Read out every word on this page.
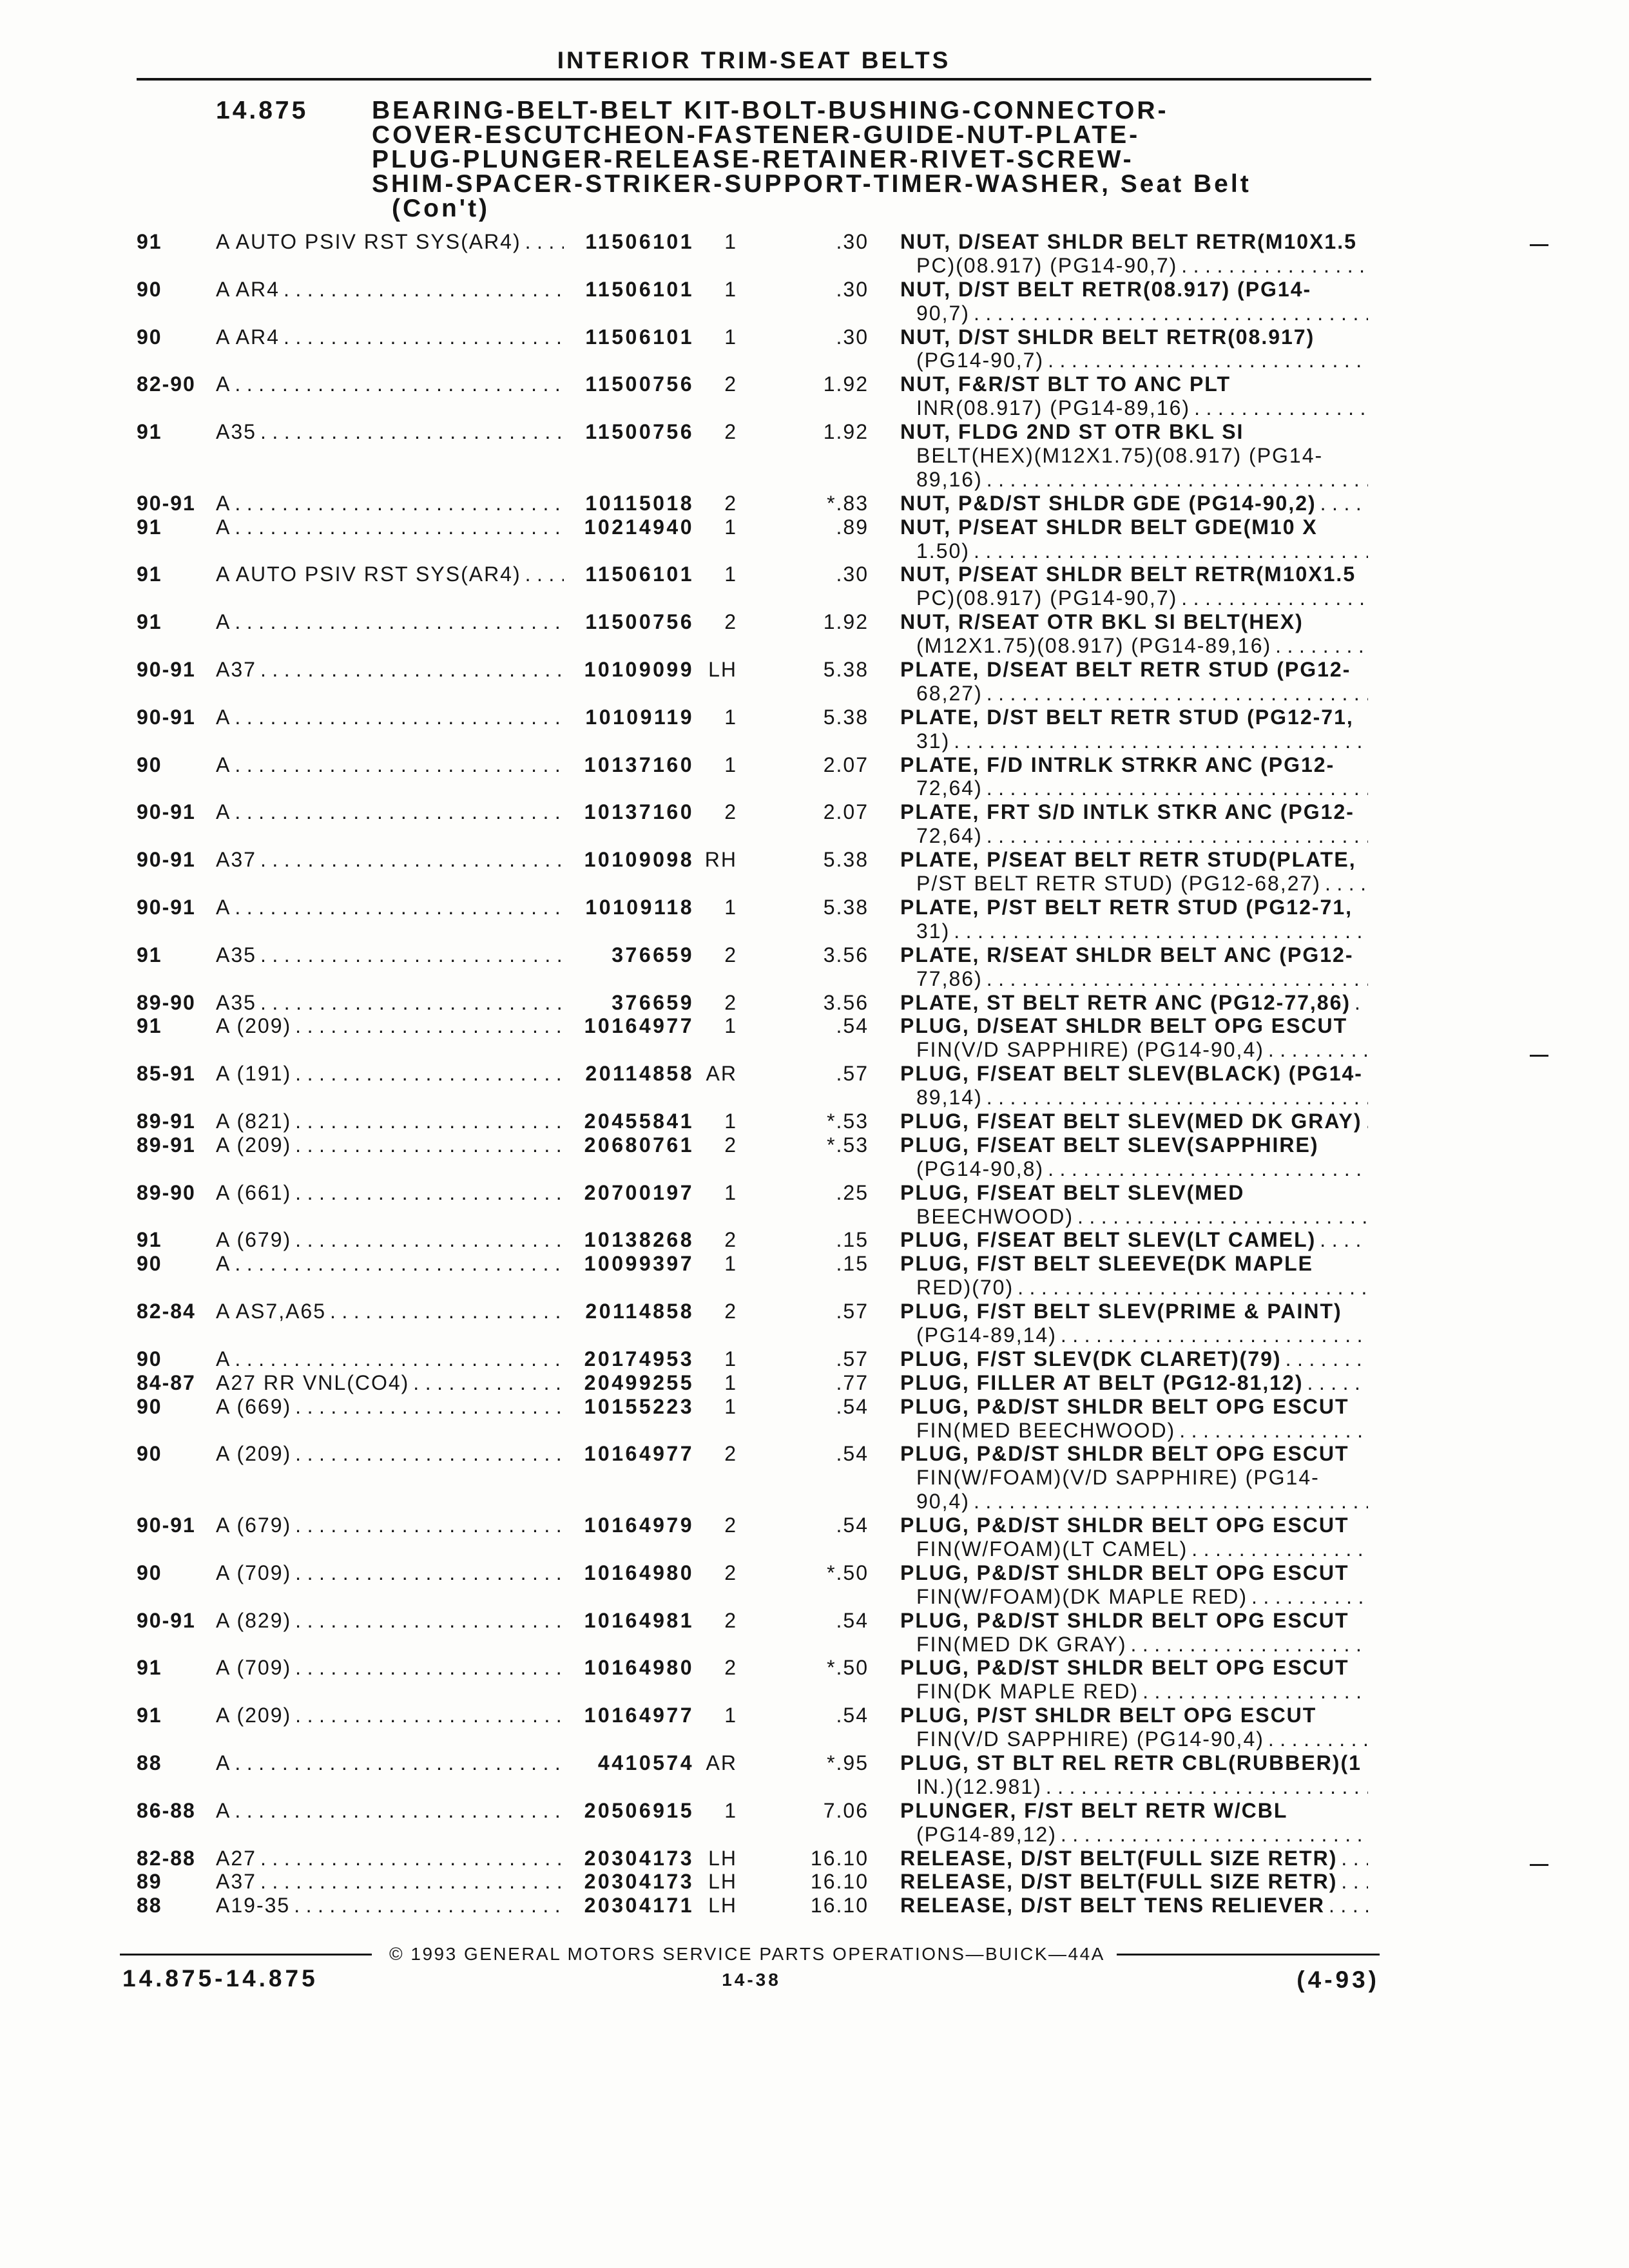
INTERIOR TRIM-SEAT BELTS
14.875	BEARING-BELT-BELT KIT-BOLT-BUSHING-CONNECTOR-
COVER-ESCUTCHEON-FASTENER-GUIDE-NUT-PLATE-
PLUG-PLUNGER-RELEASE-RETAINER-RIVET-SCREW-
SHIM-SPACER-STRIKER-SUPPORT-TIMER-WASHER, Seat Belt
(Con't)
91	A AUTO PSIV RST SYS(AR4) .....	11506101	1	.30 NUT, D/SEAT SHLDR BELT RETR(M10X1.5
PC)(08.917) (PG14-90,7)
.....
90	A AR4 .....	11506101	1	.30 NUT, D/ST BELT RETR(08.917) (PG14-
90,7)
.....
90	A AR4 .....	11506101	1	.30 NUT, D/ST SHLDR BELT RETR(08.917)
(PG14-90,7)
.....
82-90 A .....	11500756	2	1.92 NUT, F&R/ST BLT TO ANC PLT
INR(08.917) (PG14-89,16)
.....
91	A35 .....	11500756	2	1.92 NUT, FLDG 2ND ST OTR BKL SI
BELT(HEX)(M12X1.75)(08.917) (PG14-
89,16)
.....
90-91 A .....	10115018	2	*.83 NUT, P&D/ST SHLDR GDE (PG14-90,2)
.....
91	A .....	10214940	1	.89 NUT, P/SEAT SHLDR BELT GDE(M10 X
1.50)
.....
91	A AUTO PSIV RST SYS(AR4) .....	11506101	1	.30 NUT, P/SEAT SHLDR BELT RETR(M10X1.5
PC)(08.917) (PG14-90,7)
.....
91	A .....	11500756	2	1.92 NUT, R/SEAT OTR BKL SI BELT(HEX)
(M12X1.75)(08.917) (PG14-89,16)
.....
90-91 A37 .....	10109099 LH	5.38 PLATE, D/SEAT BELT RETR STUD (PG12-
68,27)
.....
90-91 A .....	10109119	1	5.38 PLATE, D/ST BELT RETR STUD (PG12-71,
31)
.....
90	A .....	10137160	1	2.07 PLATE, F/D INTRLK STRKR ANC (PG12-
72,64)
.....
90-91 A .....	10137160	2	2.07 PLATE, FRT S/D INTLK STKR ANC (PG12-
72,64)
.....
90-91 A37 .....	10109098 RH	5.38 PLATE, P/SEAT BELT RETR STUD(PLATE,
P/ST BELT RETR STUD) (PG12-68,27)
.....
90-91 A .....	10109118	1	5.38 PLATE, P/ST BELT RETR STUD (PG12-71,
31)
.....
91	A35 .....	376659	2	3.56 PLATE, R/SEAT SHLDR BELT ANC (PG12-
77,86)
.....
89-90 A35 .....	376659	2	3.56 PLATE, ST BELT RETR ANC (PG12-77,86)
.....
91	A (209) .....	10164977	1	.54 PLUG, D/SEAT SHLDR BELT OPG ESCUT
FIN(V/D SAPPHIRE) (PG14-90,4)
.....
85-91 A (191) .....	20114858 AR	.57 PLUG, F/SEAT BELT SLEV(BLACK) (PG14-
89,14)
.....
89-91 A (821) .....	20455841	1	*.53 PLUG, F/SEAT BELT SLEV(MED DK GRAY)
.....
89-91 A (209) .....	20680761	2	*.53 PLUG, F/SEAT BELT SLEV(SAPPHIRE)
(PG14-90,8)
.....
89-90 A (661) .....	20700197	1	.25 PLUG, F/SEAT BELT SLEV(MED
BEECHWOOD)
.....
91	A (679) .....	10138268	2	.15 PLUG, F/SEAT BELT SLEV(LT CAMEL)
.....
90	A .....	10099397	1	.15 PLUG, F/ST BELT SLEEVE(DK MAPLE
RED)(70)
.....
82-84 A AS7,A65 .....	20114858	2	.57 PLUG, F/ST BELT SLEV(PRIME & PAINT)
(PG14-89,14)
.....
90	A .....	20174953	1	.57 PLUG, F/ST SLEV(DK CLARET)(79)
.....
84-87 A27 RR VNL(CO4) .....	20499255	1	.77 PLUG, FILLER AT BELT (PG12-81,12)
.....
90	A (669) .....	10155223	1	.54 PLUG, P&D/ST SHLDR BELT OPG ESCUT
FIN(MED BEECHWOOD)
.....
90	A (209) .....	10164977	2	.54 PLUG, P&D/ST SHLDR BELT OPG ESCUT
FIN(W/FOAM)(V/D SAPPHIRE) (PG14-
90,4)
.....
90-91 A (679) .....	10164979	2	.54 PLUG, P&D/ST SHLDR BELT OPG ESCUT
FIN(W/FOAM)(LT CAMEL)
.....
90	A (709) .....	10164980	2	*.50 PLUG, P&D/ST SHLDR BELT OPG ESCUT
FIN(W/FOAM)(DK MAPLE RED)
.....
90-91 A (829) .....	10164981	2	.54 PLUG, P&D/ST SHLDR BELT OPG ESCUT
FIN(MED DK GRAY)
.....
91	A (709) .....	10164980	2	*.50 PLUG, P&D/ST SHLDR BELT OPG ESCUT
FIN(DK MAPLE RED)
.....
91	A (209) .....	10164977	1	.54 PLUG, P/ST SHLDR BELT OPG ESCUT
FIN(V/D SAPPHIRE) (PG14-90,4)
.....
88	A .....	4410574 AR	*.95 PLUG, ST BLT REL RETR CBL(RUBBER)(1
IN.)(12.981)
.....
86-88 A .....	20506915	1	7.06 PLUNGER, F/ST BELT RETR W/CBL
(PG14-89,12)
.....
82-88 A27 .....	20304173 LH	16.10 RELEASE, D/ST BELT(FULL SIZE RETR)
.....
89	A37 .....	20304173 LH	16.10 RELEASE, D/ST BELT(FULL SIZE RETR)
.....
88	A19-35 .....	20304171 LH	16.10 RELEASE, D/ST BELT TENS RELIEVER
.....
© 1993 GENERAL MOTORS SERVICE PARTS OPERATIONS—BUICK—44A
14.875-14.875	14-38	(4-93)
